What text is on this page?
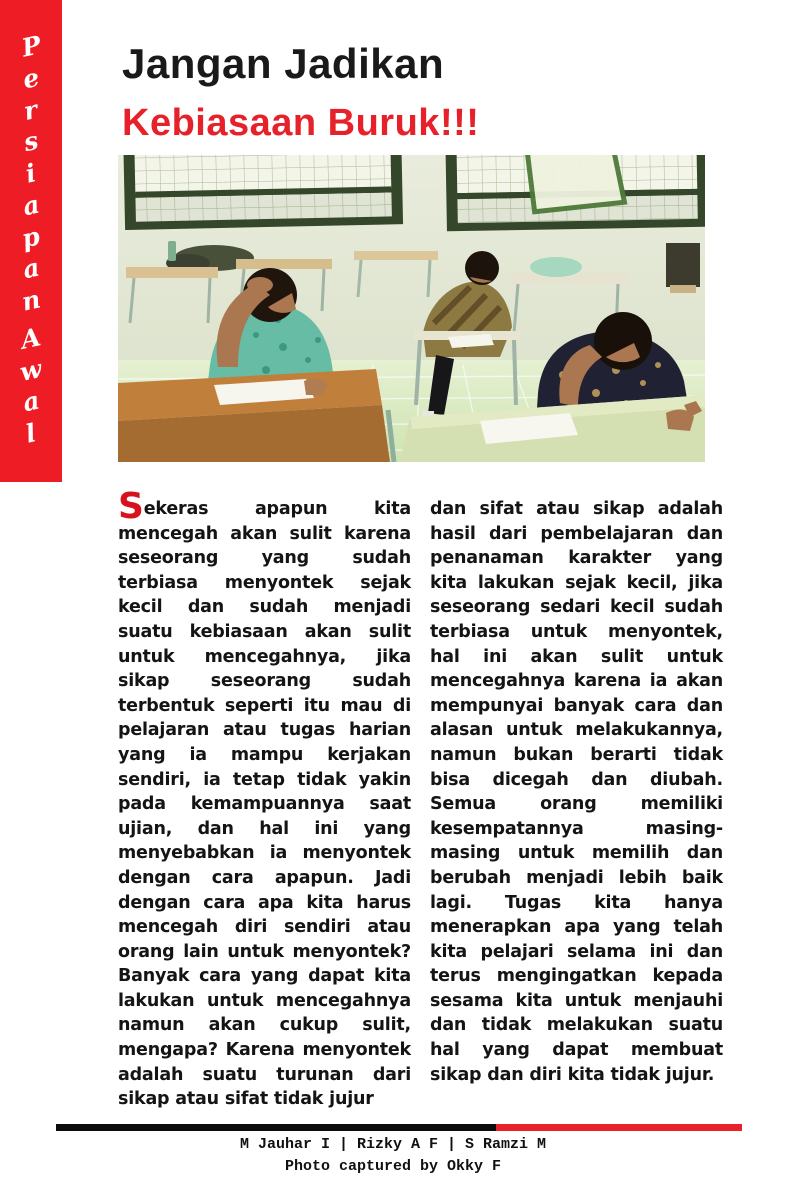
P
e
r
s
i
a
p
a
n
A
w
a
l
Jangan Jadikan
Kebiasaan Buruk!!!

Sekeras apapun kita mencegah akan sulit karena seseorang yang sudah terbiasa menyontek sejak kecil dan sudah menjadi suatu kebiasaan akan sulit untuk mencegahnya, jika sikap seseorang sudah terbentuk seperti itu mau di pelajaran atau tugas harian yang ia mampu kerjakan sendiri, ia tetap tidak yakin pada kemampuannya saat ujian, dan hal ini yang menyebabkan ia menyontek dengan cara apapun. Jadi dengan cara apa kita harus mencegah diri sendiri atau orang lain untuk menyontek? Banyak cara yang dapat kita lakukan untuk mencegahnya namun akan cukup sulit, mengapa? Karena menyontek adalah suatu turunan dari sikap atau sifat tidak jujur

dan sifat atau sikap adalah hasil dari pembelajaran dan penanaman karakter yang kita lakukan sejak kecil, jika seseorang sedari kecil sudah terbiasa untuk menyontek, hal ini akan sulit untuk mencegahnya karena ia akan mempunyai banyak cara dan alasan untuk melakukannya, namun bukan berarti tidak bisa dicegah dan diubah. Semua orang memiliki kesempatannya masing-masing untuk memilih dan berubah menjadi lebih baik lagi. Tugas kita hanya menerapkan apa yang telah kita pelajari selama ini dan terus mengingatkan kepada sesama kita untuk menjauhi dan tidak melakukan suatu hal yang dapat membuat sikap dan diri kita tidak jujur.

M Jauhar I | Rizky A F | S Ramzi M
Photo captured by Okky F
